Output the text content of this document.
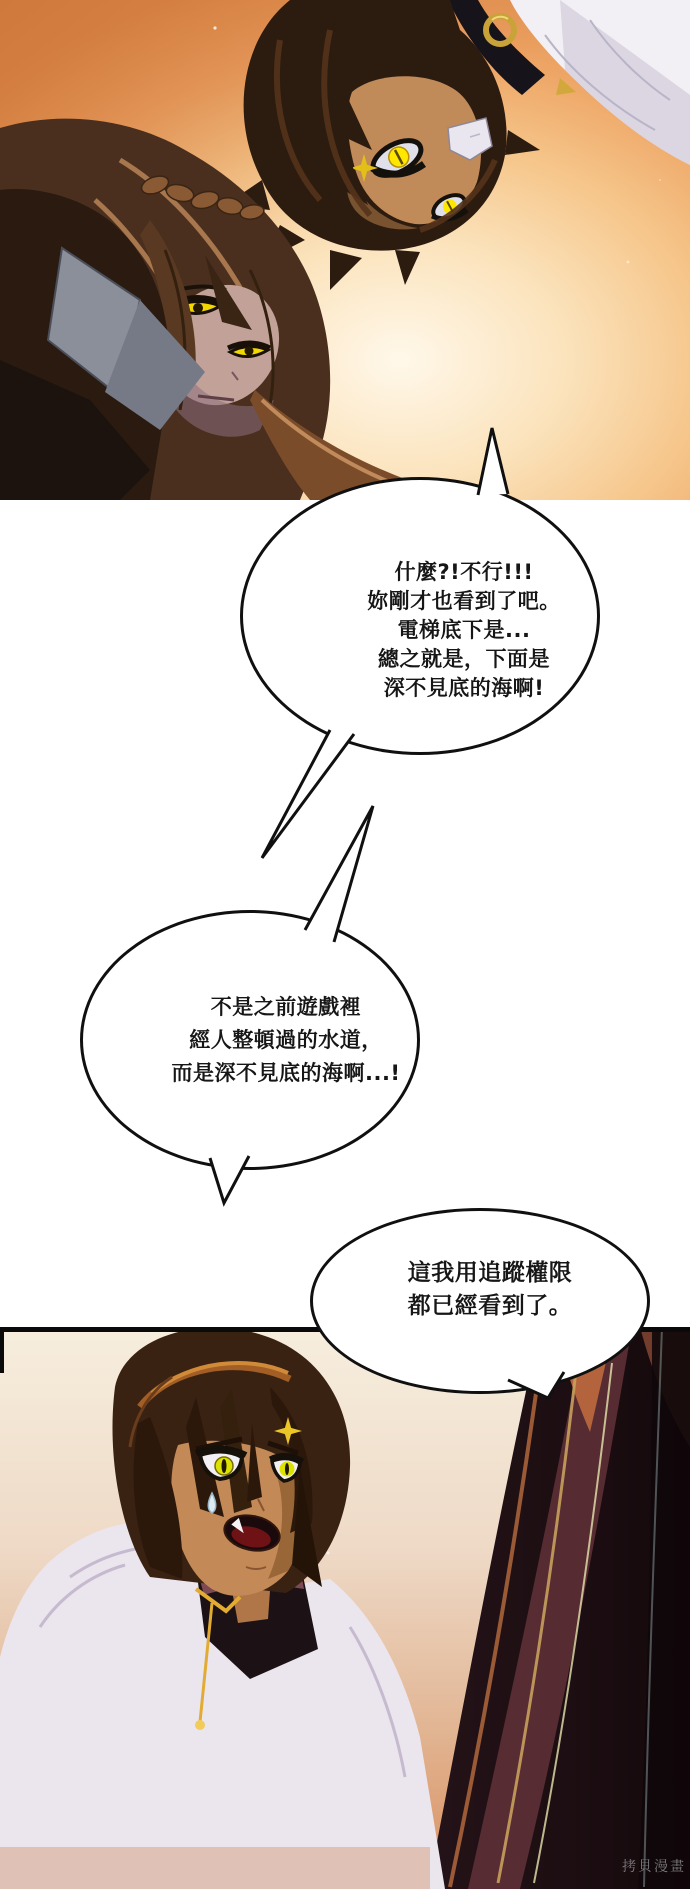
什麼?!不行!!!
妳剛才也看到了吧。
電梯底下是...
總之就是，下面是
深不見底的海啊!
不是之前遊戲裡
經人整頓過的水道，
而是深不見底的海啊...!
這我用追蹤權限
都已經看到了。
拷貝漫畫
